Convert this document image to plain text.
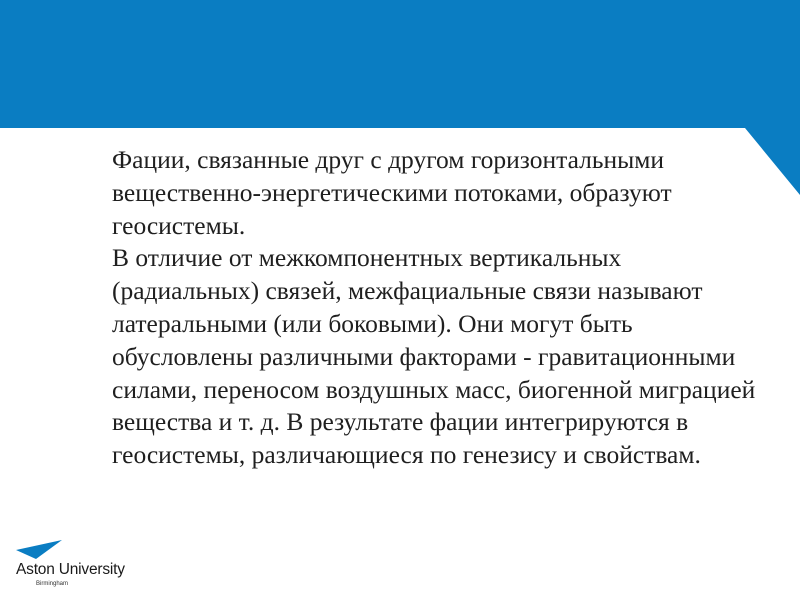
Фации, связанные друг с другом горизонтальными вещественно-энергетическими потоками, образуют геосистемы.

В отличие от межкомпонентных вертикальных (радиальных) связей, межфациальные связи называют латеральными (или боковыми). Они могут быть обусловлены различными факторами - гравитационными силами, переносом воздушных масс, биогенной миграцией вещества и т. д. В результате фации интегрируются в геосистемы, различающиеся по генезису и свойствам.

Aston University
Birmingham
